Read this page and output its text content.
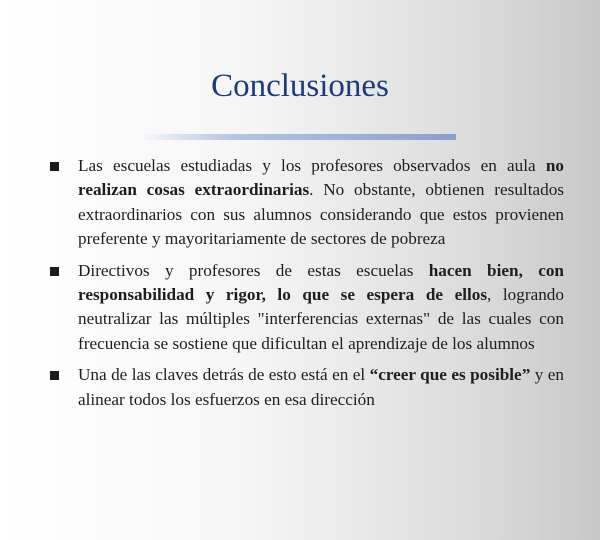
Conclusiones
Las escuelas estudiadas y los profesores observados en aula no realizan cosas extraordinarias. No obstante, obtienen resultados extraordinarios con sus alumnos considerando que estos provienen preferente y mayoritariamente de sectores de pobreza
Directivos y profesores de estas escuelas hacen bien, con responsabilidad y rigor, lo que se espera de ellos, logrando neutralizar las múltiples "interferencias externas" de las cuales con frecuencia se sostiene que dificultan el aprendizaje de los alumnos
Una de las claves detrás de esto está en el “creer que es posible” y en alinear todos los esfuerzos en esa dirección
